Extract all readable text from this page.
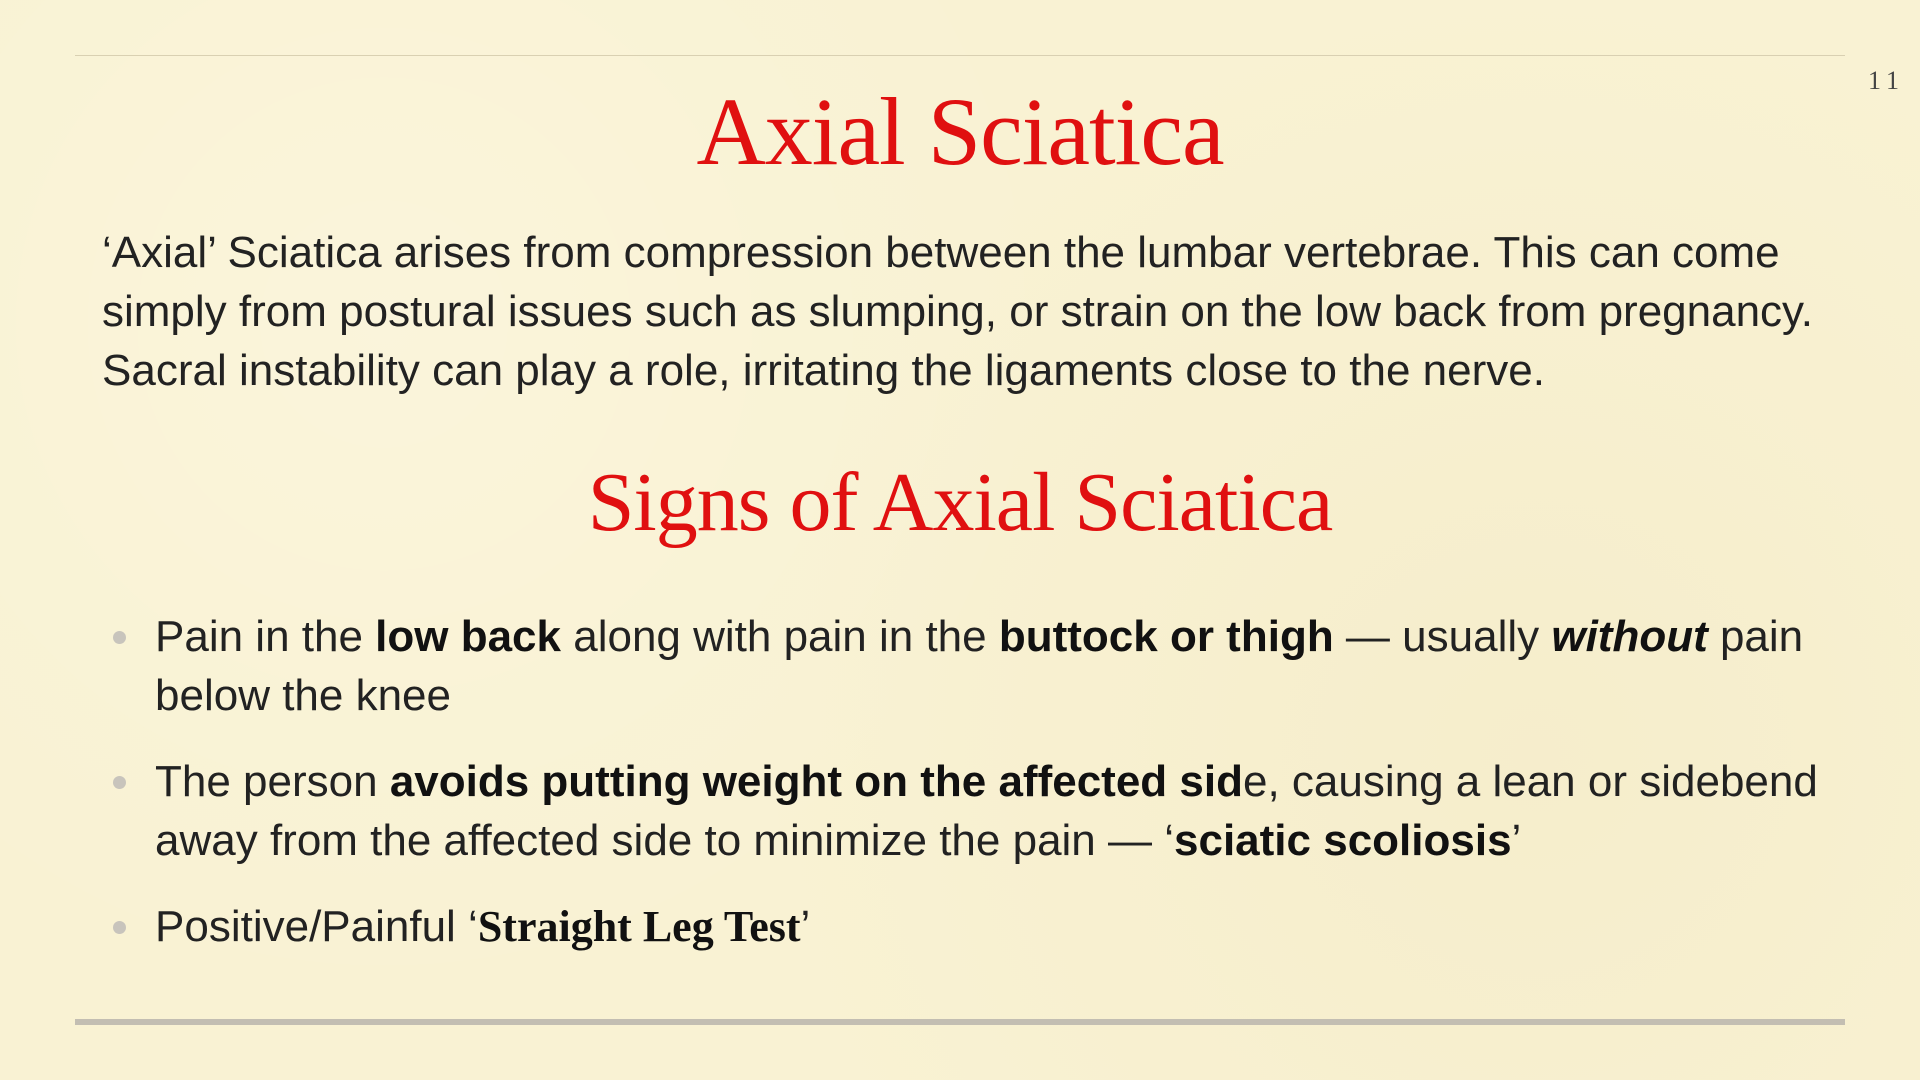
11
Axial Sciatica

‘Axial’ Sciatica arises from compression between the lumbar vertebrae. This can come simply from postural issues such as slumping, or strain on the low back from pregnancy. Sacral instability can play a role, irritating the ligaments close to the nerve.

Signs of Axial Sciatica
Pain in the low back along with pain in the buttock or thigh — usually without pain below the knee
The person avoids putting weight on the affected side, causing a lean or sidebend away from the affected side to minimize the pain — ‘sciatic scoliosis’
Positive/Painful ‘Straight Leg Test’
